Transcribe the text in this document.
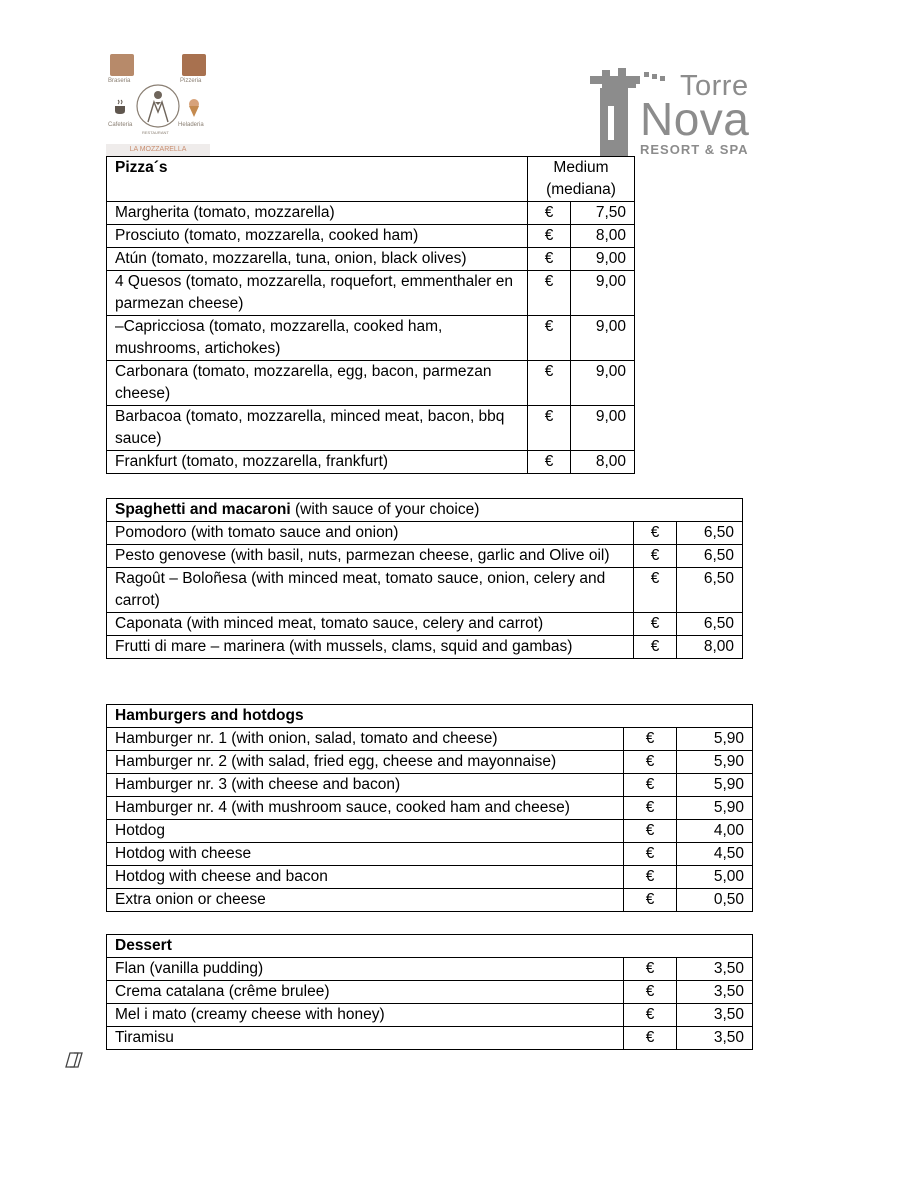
Braseria	Pizzeria
Cafeteria
RESTAURANT
Heladeria
LA MOZZARELLA
Torre
Nova
RESORT & SPA
Pizza´s	Medium (mediana)	
Margherita (tomato, mozzarella)	€	7,50
Prosciuto (tomato, mozzarella, cooked ham)	€	8,00
Atún (tomato, mozzarella, tuna, onion, black olives)	€	9,00
4 Quesos (tomato, mozzarella, roquefort, emmenthaler en parmezan cheese)	€	9,00
–Capricciosa (tomato, mozzarella, cooked ham, mushrooms, artichokes)	€	9,00
Carbonara (tomato, mozzarella, egg, bacon, parmezan cheese)	€	9,00
Barbacoa (tomato, mozzarella, minced meat, bacon, bbq sauce)	€	9,00
Frankfurt (tomato, mozzarella, frankfurt)	€	8,00
Spaghetti and macaroni (with sauce of your choice)		
Pomodoro (with tomato sauce and onion)	€	6,50
Pesto genovese (with basil, nuts, parmezan cheese, garlic and Olive oil)	€	6,50
Ragoût – Boloñesa (with minced meat, tomato sauce, onion, celery and carrot)	€	6,50
Caponata (with minced meat, tomato sauce, celery and carrot)	€	6,50
Frutti di mare – marinera (with mussels, clams, squid and gambas)	€	8,00
Hamburgers and hotdogs		
Hamburger nr. 1 (with onion, salad, tomato and cheese)	€	5,90
Hamburger nr. 2 (with salad, fried egg, cheese and mayonnaise)	€	5,90
Hamburger nr. 3 (with cheese and bacon)	€	5,90
Hamburger nr. 4 (with mushroom sauce, cooked ham and cheese)	€	5,90
Hotdog	€	4,00
Hotdog with cheese	€	4,50
Hotdog with cheese and bacon	€	5,00
Extra onion or cheese	€	0,50
Dessert		
Flan (vanilla pudding)	€	3,50
Crema catalana (crême brulee)	€	3,50
Mel i mato (creamy cheese with honey)	€	3,50
Tiramisu	€	3,50
